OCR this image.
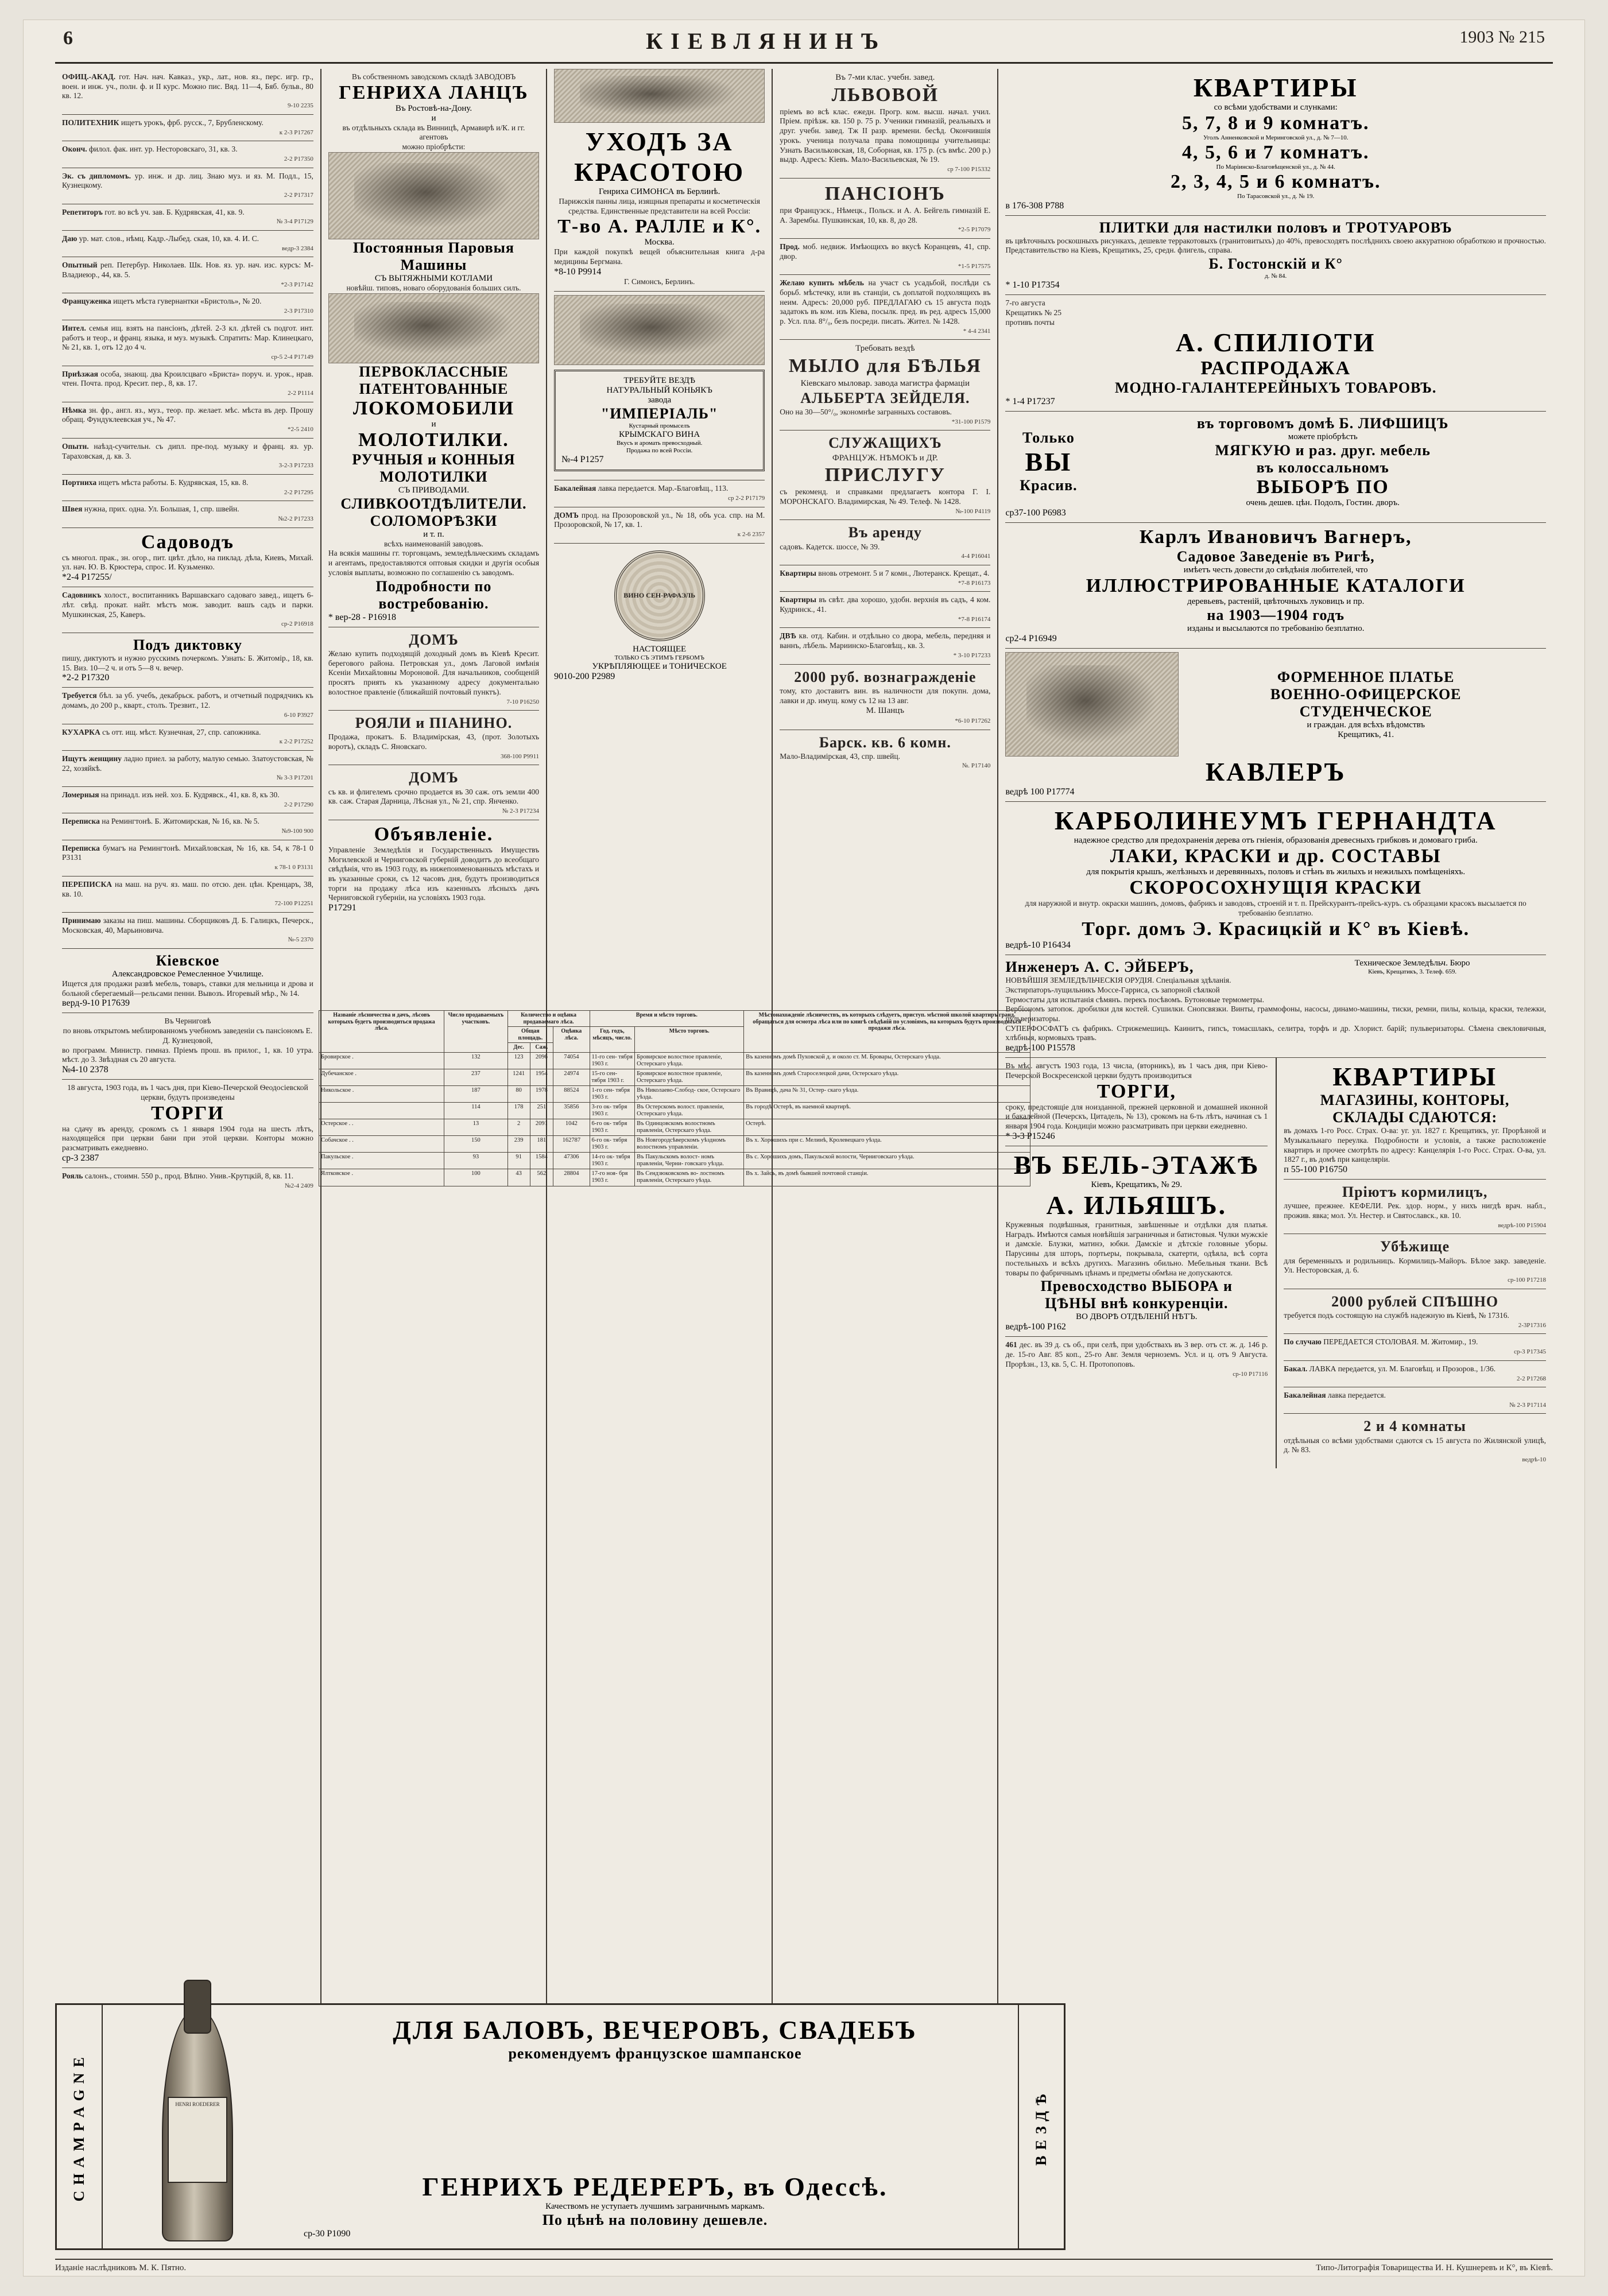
6	КІЕВЛЯНИНЪ	1903 № 215
ОФИЦ.-АКАД. гот. Нач. нач. Кавказ., укр., лат., нов. яз., перс. игр. гр., воен. и инж. уч., полн. ф. и II курс. Можно пис. Вяд. 11—4, Бяб. бульв., 80 кв. 12.
9-10 2235
ПОЛИТЕХНИК ищетъ урокъ, фрб. русск., 7, Брубленскому.
к 2-3 P17267
Оконч. филол. фак. инт. ур. Несторовскаго, 31, кв. 3.
2-2 P17350
Эк. съ дипломомъ. ур. инж. и др. лиц. Знаю муз. и яз. М. Подл., 15, Кузнецкому.
2-2 P17317
Репетиторъ гот. во всѣ уч. зав. Б. Кудрявская, 41, кв. 9.
№ 3-4 P17129
Даю ур. мат. слов., нѣмц. Кадр.-Лыбед. ская, 10, кв. 4. И. С.
ведр-3 2384
Опытный реп. Петербур. Николаев. Шк. Нов. яз. ур. нач. изс. курсъ: М-Владиеюр., 44, кв. 5.
*2-3 P17142
Француженка ищетъ мѣста гувернантки «Бристоль», № 20.
2-3 P17310
Интел. семья ищ. взять на пансіонъ, дѣтей. 2-3 кл. дѣтей съ подгот. инт. работъ и теор., и франц. языка, и муз. музыкѣ. Спратить: Мар. Клинецкаго, № 21, кв. 1, отъ 12 до 4 ч.
ср-5 2-4 P17149
Приѣзжая особа, знающ. два Кроилсцваго «Бриста» поруч. и. урок., нрав. чтен. Почта. прод. Кресит. пер., 8, кв. 17.
2-2 P1114
Нѣмка зн. фр., англ. яз., муз., теор. пр. желает. мѣс. мѣста въ дер. Прошу обращ. Фундуклеевская уч., № 47.
*2-5 2410
Опытн. наѣзд-сучительн. съ дипл. пре-под. музыку и франц. яз. ур. Тараховская, д. кв. 3.
3-2-3 P17233
Портниха ищетъ мѣста работы. Б. Кудрявская, 15, кв. 8.
2-2 P17295
Швея нужна, прих. одна. Ул. Большая, 1, спр. швейн.
№2-2 P17233
Садоводъ
съ многол. прак., зн. огор., пит. цвѣт. дѣло, на пиклад. дѣла, Киевъ, Михай. ул. нач. Ю. В. Крюстера, спрос. И. Кузьменко.
*2-4 P17255/
Садовникъ холост., воспитанникъ Варшавскаго садоваго завед., ищетъ 6-лѣт. свѣд. прокат. найт. мѣстъ мож. заводит. вашъ садъ и парки. Мушкинская, 25, Каверъ.
ср-2 P16918
Подъ диктовку
пишу, диктуютъ и нужно русскимъ почеркомъ. Узнать: Б. Житомір., 18, кв. 15. Виз. 10—2 ч. и отъ 5—8 ч. вечер.
*2-2 P17320
Требуется бѣл. за уб. учебъ, декабрьск. работъ, и отчетный подрядчикъ къ домамъ, до 200 р., кварт., столъ. Трезвит., 12.
6-10 P3927
КУХАРКА съ отт. ищ. мѣст. Кузнечная, 27, спр. сапожника.
к 2-2 P17252
Ищутъ женщину ладно приел. за работу, малую семью. Златоустовская, № 22, хозяйкѣ.
№ 3-3 P17201
Ломерныя на принадл. изъ ней. хоз. Б. Кудрявск., 41, кв. 8, къ 30.
2-2 P17290
Переписка на Ремингтонѣ. Б. Житомирская, № 16, кв. № 5.
№9-100 900
Переписка бумагъ на Ремингтонѣ. Михайловская, № 16, кв. 54, к 78-1 0 P3131
к 78-1 0 P3131
ПЕРЕПИСКА на маш. на руч. яз. маш. по отсю. ден. цѣн. Кренцаръ, 38, кв. 10.
72-100 P12251
Принимаю заказы на пиш. машины. Сборщиковъ Д. Б. Галицкъ, Печерск., Московская, 40, Марьиновича.
№-5 2370
Кіевское
Александровское Ремесленное Училище.
Ищется для продажи развѣ мебель, товаръ, ставки для мельница и дрова и больной сберегаемый—рельсами пенни. Вывозъ. Игоревый мѣр., № 14.
верд-9-10 P17639
Въ Черниговѣ
по вновь открытомъ меблированномъ учебномъ заведеніи съ пансіономъ Е. Д. Кузнецовой,
во программ. Министр. гимназ. Пріемъ прош. въ прилог., 1, кв. 10 утра. мѣст. до 3. Звѣздная съ 20 августа.
№4-10 2378
18 августа, 1903 года, въ 1 часъ дня, при Кіево-Печерской Ѳеодосіевской церкви, будутъ произведены
ТОРГИ
на сдачу въ аренду, срокомъ съ 1 января 1904 года на шесть лѣтъ, находящейся при церкви бани при этой церкви. Конторы можно разсматривать ежедневно.
ср-3 2387
Рояль салонъ., стоимн. 550 р., прод. Вѣпно. Унив.-Крутцкій, 8, кв. 11.
№2-4 2409
Въ собственномъ заводскомъ складѣ ЗАВОДОВЪ
ГЕНРИХА ЛАНЦЪ
Въ Ростовѣ-на-Дону.
и
въ отдѣльныхъ склада въ Винницѣ, Армавирѣ и/К. и гг. агентовъ
можно пріобрѣсти:
Постоянныя Паровыя Машины
СЪ ВЫТЯЖНЫМИ КОТЛАМИ
новѣйш. типовъ, новаго оборудованія больших силъ.
ПЕРВОКЛАССНЫЕ
ПАТЕНТОВАННЫЕ
ЛОКОМОБИЛИ
и
МОЛОТИЛКИ.
РУЧНЫЯ и КОННЫЯ МОЛОТИЛКИ
СЪ ПРИВОДАМИ.
СЛИВКООТДѢЛИТЕЛИ.
СОЛОМОРѢЗКИ
и т. п.
всѣхъ наименованій заводовъ.
На всякія машины гг. торговцамъ, земледѣльческимъ складамъ и агентамъ, предоставляются оптовыя скидки и другія особыя условія выплаты, возможно по соглашенію съ заводомъ.
Подробности по востребованію.
* вер-28 - P16918
ДОМЪ
Желаю купить подходящій доходный домъ въ Кіевѣ Кресит. берегового района. Петровская ул., домъ Лаговой имѣнія Ксеніи Михайловны Мороновой. Для начальников, сообщеній просятъ приять къ указанному адресу документально волостное правленіе (ближайшій почтовый пунктъ).
7-10 P16250
РОЯЛИ и ПІАНИНО.
Продажа, прокатъ. Б. Владимірская, 43, (прот. Золотыхъ воротъ), складъ С. Яновскаго.
368-100 P9911
ДОМЪ
съ кв. и флигелемъ срочно продается въ 30 саж. отъ земли 400 кв. саж. Старая Дарница, Лѣсная ул., № 21, спр. Янченко.
№ 2-3 P17234
Объявленіе.
Управленіе Земледѣлія и Государственныхъ Имуществъ Могилевской и Черниговской губерній доводитъ до всеобщаго свѣдѣнія, что въ 1903 году, въ нижепоименованныхъ мѣстахъ и въ указанные сроки, съ 12 часовъ дня, будутъ производиться торги на продажу лѣса изъ казенныхъ лѣсныхъ дачъ Черниговской губерніи, на условіяхъ 1903 года.
P17291
УХОДЪ ЗА
КРАСОТОЮ
Генриха СИМОНСА въ Берлинѣ.
Парижскія панны лица, изящныя препараты и косметическія средства. Единственные представители на всей Россіи:
Т-во А. РАЛЛЕ и К°.
Москва.
При каждой покупкѣ вещей объяснительная книга д-ра медицины Бергмана.
*8-10 P9914
Г. Симонсъ, Берлинъ.
ТРЕБУЙТЕ ВЕЗДѢ
НАТУРАЛЬНЫЙ КОНЬЯКЪ
завода
"ИМПЕРІАЛЬ"
Кустарный промыселъ
КРЫМСКАГО ВИНА
Вкусъ и аромать превосходный.
Продажа по всей Россіи.
№-4 P1257
Бакалейная лавка передается. Мар.-Благовѣщ., 113.
ср 2-2 P17179
ДОМЪ прод. на Прозоровской ул., № 18, объ уса. спр. на М. Прозоровской, № 17, кв. 1.
к 2-6 2357
ВИНО СЕН-РАФАЭЛЬ
НАСТОЯЩЕЕ
ТОЛЬКО СЪ ЭТИМЪ ГЕРБОМЪ
УКРѢПЛЯЮЩЕЕ и ТОНИЧЕСКОЕ
9010-200 P2989
Въ 7-ми клас. учебн. завед.
ЛЬВОВОЙ
пріемъ во всѣ клас. ежедн. Прогр. ком. высш. начал. учил. Пріем. пріѣзж. кв. 150 р. 75 р. Ученики гимназій, реальныхъ и друг. учебн. завед. Тж II разр. времени. бесѣд. Окончившія урокъ. ученица получала права помощницы учительницы: Узнать Васильковская, 18, Соборная, кв. 175 р. (съ вмѣс. 200 р.) выдр. Адресъ: Кіевъ. Мало-Васильевская, № 19.
ср 7-100 P15332
ПАНСІОНЪ
при Французск., Нѣмецк., Польск. и А. А. Бейгель гимназій Е. А. Зарембы. Пушкинская, 10, кв. 8, до 28.
*2-5 P17079
Прод. моб. недвиж. Имѣющихъ во вкусѣ Коранцевъ, 41, спр. двор.
*1-5 P17575
Желаю купить мѣбель на участ съ усадьбой, послѣди съ борьб. мѣстечку, или въ станціи, съ доплатой подхолящихъ въ неим. Адресъ: 20,000 руб. ПРЕДЛАГАЮ съ 15 августа подъ задатокъ въ ком. изъ Кіева, посылк. пред. въ ред. адресъ 15,000 р. Усл. пла. 8°/₀, безъ посреди. писать. Жител. № 1428.
* 4-4 2341
Требовать вездѣ
МЫЛО для БѢЛЬЯ
Кіевскаго мыловар. завода магистра фармаціи
АЛЬБЕРТА ЗЕЙДЕЛЯ.
Оно на 30—50°/₀, экономнѣе загранныхъ составовъ.
*31-100 P1579
СЛУЖАЩИХЪ
ФРАНЦУЖ. НѢМОКЪ и ДР.
ПРИСЛУГУ
съ рекоменд. и справками предлагаетъ контора Г. I. МОРОНСКАГО. Владимирская, № 49. Телеф. № 1428.
№-100 P4119
Въ аренду
садовъ. Кадетск. шоссе, № 39.
4-4 P16041
Квартиры вновь отремонт. 5 и 7 комн., Лютеранск. Крещат., 4.
*7-8 P16173
Квартиры въ свѣт. два хорошо, удобн. верхнія въ садъ, 4 ком. Кудринск., 41.
*7-8 P16174
ДВѢ кв. отд. Кабин. и отдѣльно со двора, мебель, передняя и ваннъ, лѣбель. Мариинско-Благовѣщ., кв. 3.
* 3-10 P17233
2000 руб. вознагражденіе
тому, кто доставитъ вин. въ наличности для покупн. дома, лавки и др. имущ. кому съ 12 на 13 авг.
М. Шанцъ
*6-10 P17262
Барск. кв. 6 комн.
Мало-Владимірская, 43, спр. швейц.
№. P17140
КВАРТИРЫ
со всѣми удобствами и слунками:
5, 7, 8 и 9 комнатъ.
Уголъ Анненковской и Меринговской ул., д. № 7—10.
4, 5, 6 и 7 комнатъ.
По Маріинско-Благовѣщенской ул., д. № 44.
2, 3, 4, 5 и 6 комнатъ.
По Тарасовской ул., д. № 19.
в 176-308 P788
ПЛИТКИ для настилки половъ и ТРОТУАРОВЪ
въ цвѣточныхъ роскошныхъ рисункахъ, дешевле терракотовыхъ (гранитовитыхъ) до 40%, превосходятъ послѣднихъ своею аккуратною обработкою и прочностью. Представительство на Кіевъ, Крещатикъ, 25, средн. флигель, справа.
Б. Гостонскій и К°
д. № 84.
* 1-10 P17354
7-го августа
Крещатикъ № 25
противъ почты
А. СПИЛІОТИ
РАСПРОДАЖА
МОДНО-ГАЛАНТЕРЕЙНЫХЪ ТОВАРОВЪ.
* 1-4 P17237
Только
ВЫ
Красив.
въ торговомъ домѣ Б. ЛИФШИЦЪ
можете пріобрѣсть
МЯГКУЮ и раз. друг. мебель
въ колоссальномъ
ВЫБОРѢ ПО
очень дешев. цѣн. Подолъ, Гостин. дворъ.
ср37-100 P6983
Карлъ Ивановичъ Вагнеръ,
Садовое Заведеніе въ Ригѣ,
имѣетъ честь довести до свѣдѣнія любителей, что
ИЛЛЮСТРИРОВАННЫЕ КАТАЛОГИ
деревьевъ, растеній, цвѣточныхъ луковицъ и пр.
на 1903—1904 годъ
изданы и высылаются по требованію безплатно.
ср2-4 P16949
ФОРМЕННОЕ ПЛАТЬЕ
ВОЕННО-ОФИЦЕРСКОЕ
СТУДЕНЧЕСКОЕ
и граждан. для всѣхъ вѣдомствъ
Крещатикъ, 41.
КАВЛЕРЪ
ведрѣ 100 P17774
КАРБОЛИНЕУМЪ ГЕРНАНДТА
надежное средство для предохраненія дерева отъ гніенія, образованія древесныхъ грибковъ и домоваго гриба.
ЛАКИ, КРАСКИ и др. СОСТАВЫ
для покрытія крышъ, желѣзныхъ и деревянныхъ, половъ и стѣнъ въ жилыхъ и нежилыхъ помѣщеніяхъ.
СКОРОСОХНУЩІЯ КРАСКИ
для наружной и внутр. окраски машинъ, домовъ, фабрикъ и заводовъ, строеній и т. п. Прейскурантъ-прейсъ-куръ. съ образцами красокъ высылается по требованію безплатно.
Торг. домъ Э. Красицкій и К° въ Кіевѣ.
ведрѣ-10 P16434
Инженеръ А. С. ЭЙБЕРЪ,	Техническое Земледѣльч. Бюро
Кіевъ, Крещатикъ, 3. Телеф. 659.
НОВѢЙШІЯ ЗЕМЛЕДѢЛЬЧЕСКІЯ ОРУДІЯ. Спеціальныя здѣланія.
Экстирпаторъ-лущильникъ Моссе-Гарриса, съ запорной сѣялкой
Термостаты для испытанія сѣмянъ. перекъ посѣвомъ. Бутоновые термометры.
Вербіономъ затопок. дробилки для костей. Сушилки. Снопсвязки. Винты, граммофоны, насосы, динамо-машины, тиски, ремни, пилы, кольца, краски, тележки, пульверизаторы.
СУПЕРФОСФАТЪ съ фабрикъ. Стрижемешицъ. Каинитъ, гипсъ, томасшлакъ, селитра, торфъ и др. Хлорист. барій; пульверизаторы. Сѣмена свекловичныя, хлѣбныя, кормовыхъ травъ.
ведрѣ-100 P15578
Въ мѣс. августъ 1903 года, 13 числа, (вторникъ), въ 1 часъ дня, при Кіево-Печерской Воскресенской церкви будутъ производиться
ТОРГИ,
сроку, предстоящіе для ноизданной, прежней церковной и домашней иконной и бакалейной (Печерскъ, Цитадель, № 13), срокомъ на 6-ть лѣтъ, начиная съ 1 января 1904 года. Кондиціи можно разсматривать при церкви ежедневно.
* 3-3 P15246
ВЪ БЕЛЬ-ЭТАЖѢ
Кіевъ, Крещатикъ, № 29.
А. ИЛЬЯШЪ.
Кружевныя подвѣшныя, гранитныя, завѣшенные и отдѣлки для платья. Наградъ. Имѣются самыя новѣйшія заграничныя и батистовыя. Чулки мужскіе и дамскіе. Блузки, матинэ, юбки. Дамскіе и дѣтскіе головные уборы. Парусины для шторъ, портьеры, покрывала, скатерти, одѣяла, всѣ сорта постельныхъ и всѣхъ другихъ. Магазинъ обильно. Мебельныя ткани. Всѣ товары по фабричнымъ цѣнамъ и предметы обмѣна не допускаются.
Превосходство ВЫБОРА и
ЦѢНЫ внѣ конкуренціи.
ВО ДВОРѢ ОТДѢЛЕНІЙ НѢТЪ.
ведрѣ-100 P162
461 дес. въ 39 д. съ об., при селѣ, при удобствахъ въ 3 вер. отъ ст. ж. д. 146 р. де. 15-го Авг. 85 коп., 25-го Авг. Земля черноземъ. Усл. и ц. отъ 9 Августа. Прорѣзн., 13, кв. 5, С. Н. Протопоповъ.
ср-10 P17116
КВАРТИРЫ
МАГАЗИНЫ, КОНТОРЫ,
СКЛАДЫ СДАЮТСЯ:
въ домахъ 1-го Росс. Страх. О-ва: уг. ул. 1827 г. Крещатикъ, уг. Прорѣзной и Музыкальнаго переулка. Подробности и условія, а также расположеніе квартиръ и прочее смотрѣть по адресу: Канцелярія 1-го Росс. Страх. О-ва, ул. 1827 г., въ домѣ при канцеляріи.
п 55-100 P16750
Пріютъ кормилицъ,
лучшее, прежнее. КЕФЕЛИ. Рек. здор. норм., у нихъ нигдѣ врач. набл., прожив. явка; мол. Ул. Нестер. и Святославск., кв. 10.
ведрѣ-100 P15904
Убѣжище
для беременныхъ и родильницъ. Кормилицъ-Майоръ. Бѣлое закр. заведеніе. Ул. Несторовская, д. 6.
ср-100 P17218
2000 рублей СПѢШНО
требуется подъ состоящую на службѣ надежную въ Кіевѣ, № 17316.
2-3Р17316
По случаю ПЕРЕДАЕТСЯ СТОЛОВАЯ. М. Житомир., 19.
ср-3 P17345
Бакал. ЛАВКА передается, ул. М. Благовѣщ. и Прозоров., 1/36.
2-2 P17268
Бакалейная лавка передается.
№ 2-3 P17114
2 и 4 комнаты
отдѣльныя со всѣми удобствами сдаются съ 15 августа по Жилянской улицѣ, д. № 83.
ведрѣ-10
Названіе лѣсничества и дачъ, лѣсовъ которыхъ будетъ производиться продажа лѣса.	Число продаваемыхъ участковъ.	Количество и оцѣнка продаваемаго лѣса.			Время и мѣсто торговъ.		Мѣстонахожденіе лѣсничествъ, въ которыхъ слѣдуетъ, приступ. мѣстной школой квартиръ гранд. обращаться для осмотра лѣса или по книгѣ свѣдѣній по условіямъ, на которыхъ будутъ производиться продажи лѣса.
		Общая площадь.		Оцѣнка лѣса.	Год. годъ, мѣсяцъ, число.	Мѣсто торговъ.	
		Дес.	Саж.				
Бровирское .	132	123	2096	74054	11-го сен- тября 1903 г.	Бровирское волостное правленіе, Остерскаго уѣзда.	Въ казенномъ домѣ Пуховской д. и около ст. М. Бровары, Остерскаго уѣзда.
Дубечанское .	237	1241	1954	24974	15-го сен- тября 1903 г.	Бровирское волостное правленіе, Остерскаго уѣзда.	Въ казенномъ домѣ Староселецкой дачи, Остерскаго уѣзда.
Никольское .	187	80	1978	88524	1-го сен- тября 1903 г.	Въ Николаево-Слобод- ское, Остерскаго уѣзда.	Въ Вравицѣ, дача № 31, Остер- скаго уѣзда.
	114	178	251	35856	3-го ок- тября 1903 г.	Въ Остерскомъ волост. правленіи, Остерскаго уѣзда.	Въ городѣ Остерѣ, въ наемной квартирѣ.
Остерское . .	13	2	2091	1042	6-го ок- тября 1903 г.	Въ Одинцовскомъ волостномъ правленіи, Остерскаго уѣзда.	Остерѣ.
Собачское . .	150	239	181	162787	6-го ок- тября 1903 г.	Въ Новгородсѣверскомъ уѣздномъ волостномъ управленіи.	Въ х. Хорошихъ при с. Мелинѣ, Кролевецкаго уѣзда.
Пакульское .	93	91	1584	47306	14-го ок- тября 1903 г.	Въ Пакульскомъ волост- номъ правленіи, Черни- говскаго уѣзда.	Въ с. Хорошихъ домъ, Пакульской волости, Черниговскаго уѣзда.
Ялтковское .	100	43	562	28804	17-го ноя- бря 1903 г.	Въ Сендзюковскомъ во- лостномъ правленіи, Остерскаго уѣзда.	Въ х. Зайсъ, въ домѣ бывшей почтовой станціи.
CHAMPAGNE	HENRI ROEDERER
ДЛЯ БАЛОВЪ, ВЕЧЕРОВЪ, СВАДЕБЪ
рекомендуемъ французское шампанское
ГЕНРИХЪ РЕДЕРЕРЪ, въ Одессѣ.
Качествомъ не уступаетъ лучшимъ заграничнымъ маркамъ.
По цѣнѣ на половину дешевле.
ср-30 P1090
ВЕЗДѢ
Изданіе наслѣдниковъ М. К. Пятно.	Типо-Литографія Товарищества И. Н. Кушнеревъ и К°, въ Кіевѣ.
